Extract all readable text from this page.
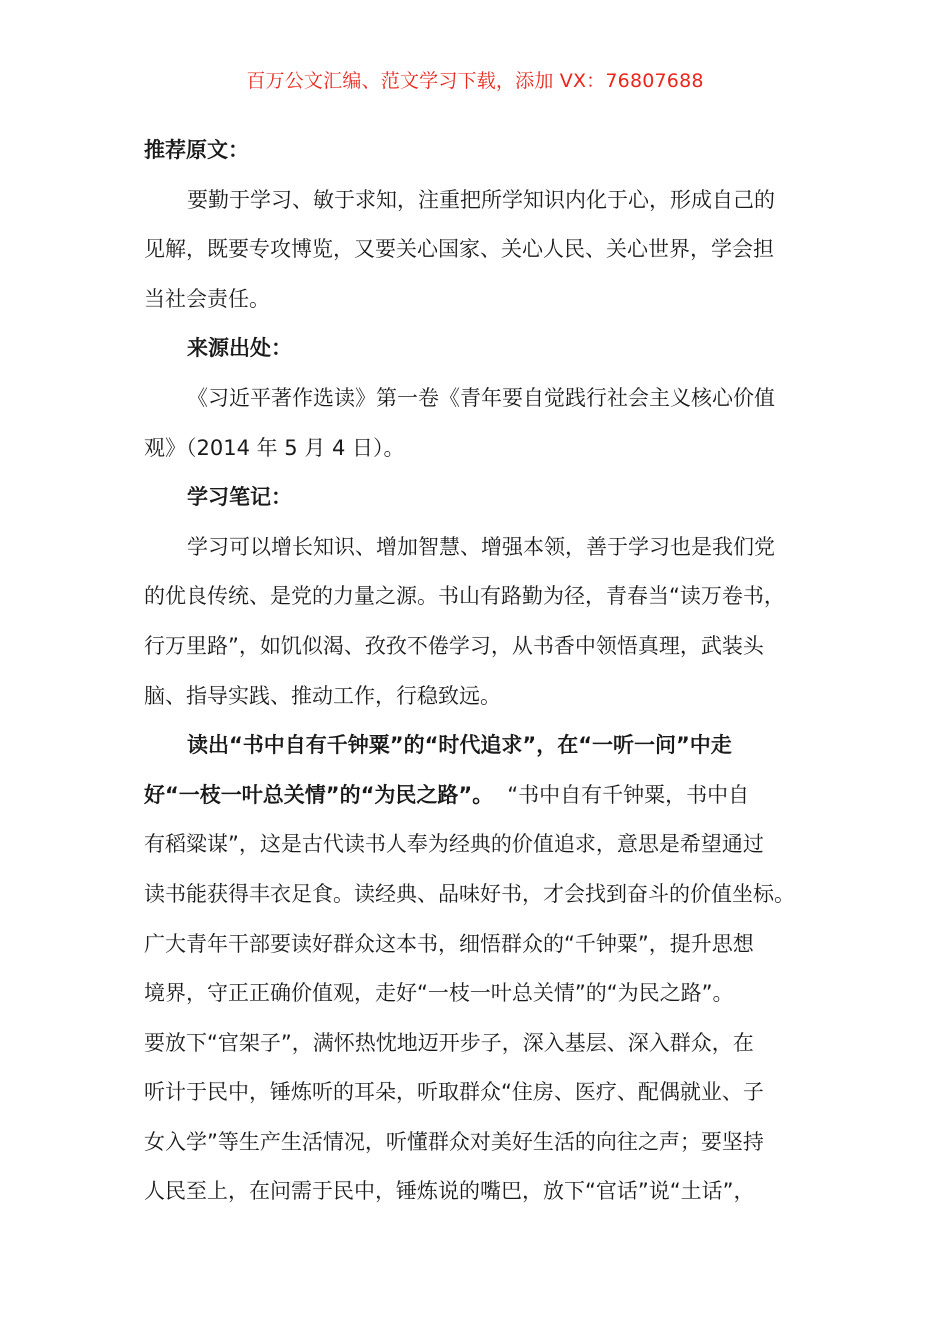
百万公文汇编、范文学习下载，添加 VX：76807688
推荐原文：
要勤于学习、敏于求知，注重把所学知识内化于心，形成自己的
见解，既要专攻博览，又要关心国家、关心人民、关心世界，学会担
当社会责任。
来源出处：
《习近平著作选读》第一卷《青年要自觉践行社会主义核心价值
观》（2014 年 5 月 4 日）。
学习笔记：
学习可以增长知识、增加智慧、增强本领，善于学习也是我们党
的优良传统、是党的力量之源。书山有路勤为径，青春当“读万卷书，
行万里路”，如饥似渴、孜孜不倦学习，从书香中领悟真理，武装头
脑、指导实践、推动工作，行稳致远。
读出“书中自有千钟粟”的“时代追求”，在“一听一问”中走
好“一枝一叶总关情”的“为民之路”。 “书中自有千钟粟，书中自
有稻粱谋”，这是古代读书人奉为经典的价值追求，意思是希望通过
读书能获得丰衣足食。读经典、品味好书，才会找到奋斗的价值坐标。
广大青年干部要读好群众这本书，细悟群众的“千钟粟”，提升思想
境界，守正正确价值观，走好“一枝一叶总关情”的“为民之路”。
要放下“官架子”，满怀热忱地迈开步子，深入基层、深入群众，在
听计于民中，锤炼听的耳朵，听取群众“住房、医疗、配偶就业、子
女入学”等生产生活情况，听懂群众对美好生活的向往之声；要坚持
人民至上，在问需于民中，锤炼说的嘴巴，放下“官话”说“土话”，
